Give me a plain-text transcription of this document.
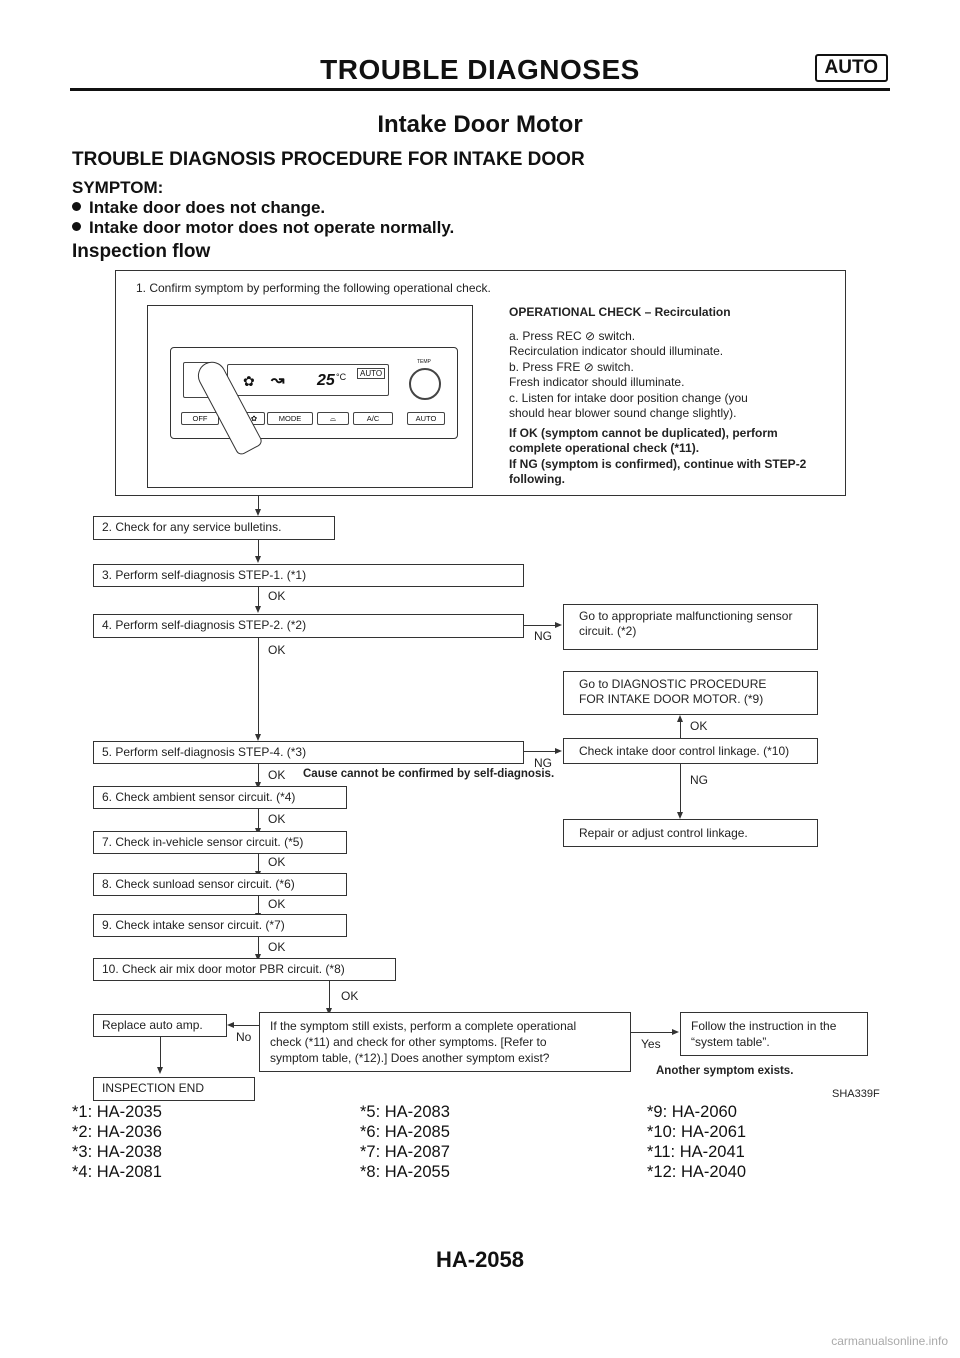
TROUBLE DIAGNOSES	AUTO
Intake Door Motor
TROUBLE DIAGNOSIS PROCEDURE FOR INTAKE DOOR
SYMPTOM:
Intake door does not change.
Intake door motor does not operate normally.
Inspection flow
1. Confirm symptom by performing the following operational check.
✿ ↝ 25 °C	AUTO
TEMP
OFF	✿	MODE	⌓	A/C	AUTO
OPERATIONAL CHECK – Recirculation
a. Press REC ⊘ switch.
Recirculation indicator should illuminate.
b. Press FRE ⊘ switch.
Fresh indicator should illuminate.
c. Listen for intake door position change (you
should hear blower sound change slightly).
If OK (symptom cannot be duplicated), perform
complete operational check (*11).
If NG (symptom is confirmed), continue with STEP-2
following.
2. Check for any service bulletins.
3. Perform self-diagnosis STEP-1. (*1)
OK
4. Perform self-diagnosis STEP-2. (*2)
NG
Go to appropriate malfunctioning sensor circuit. (*2)
OK
Go to DIAGNOSTIC PROCEDURE
FOR INTAKE DOOR MOTOR. (*9)
OK
5. Perform self-diagnosis STEP-4. (*3)
NG
Check intake door control linkage. (*10)
NG
Repair or adjust control linkage.
OK Cause cannot be confirmed by self-diagnosis.
6. Check ambient sensor circuit. (*4)
OK
7. Check in-vehicle sensor circuit. (*5)
OK
8. Check sunload sensor circuit. (*6)
OK
9. Check intake sensor circuit. (*7)
OK
10. Check air mix door motor PBR circuit. (*8)
OK
Replace auto amp.
No
If the symptom still exists, perform a complete operational
check (*11) and check for other symptoms. [Refer to
symptom table, (*12).] Does another symptom exist?
Yes
Follow the instruction in the
“system table”.
Another symptom exists.
INSPECTION END	SHA339F
*1: HA-2035
*2: HA-2036
*3: HA-2038
*4: HA-2081
*5: HA-2083
*6: HA-2085
*7: HA-2087
*8: HA-2055
*9: HA-2060
*10: HA-2061
*11: HA-2041
*12: HA-2040
HA-2058
carmanualsonline.info
